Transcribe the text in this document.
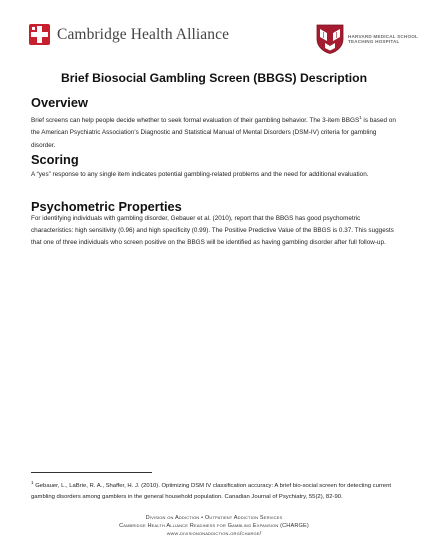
Cambridge Health Alliance	HARVARD MEDICAL SCHOOL TEACHING HOSPITAL
Brief Biosocial Gambling Screen (BBGS) Description
Overview
Brief screens can help people decide whether to seek formal evaluation of their gambling behavior. The 3-item BBGS$^1$ is based on the American Psychiatric Association’s Diagnostic and Statistical Manual of Mental Disorders (DSM-IV) criteria for gambling disorder.
Scoring
A “yes” response to any single item indicates potential gambling-related problems and the need for additional evaluation.
Psychometric Properties
For identifying individuals with gambling disorder, Gebauer et al. (2010), report that the BBGS has good psychometric characteristics: high sensitivity (0.96) and high specificity (0.99). The Positive Predictive Value of the BBGS is 0.37. This suggests that one of three individuals who screen positive on the BBGS will be identified as having gambling disorder after full follow-up.
$^1$ Gebauer, L., LaBrie, R. A., Shaffer, H. J. (2010). Optimizing DSM IV classification accuracy: A brief bio-social screen for detecting current gambling disorders among gamblers in the general household population. Canadian Journal of Psychiatry, 55(2), 82-90.
Division on Addiction • Outpatient Addiction Services
Cambridge Health Alliance Readiness for Gambling Expansion (CHARGE)
www.divisiononaddiction.org/charge/
